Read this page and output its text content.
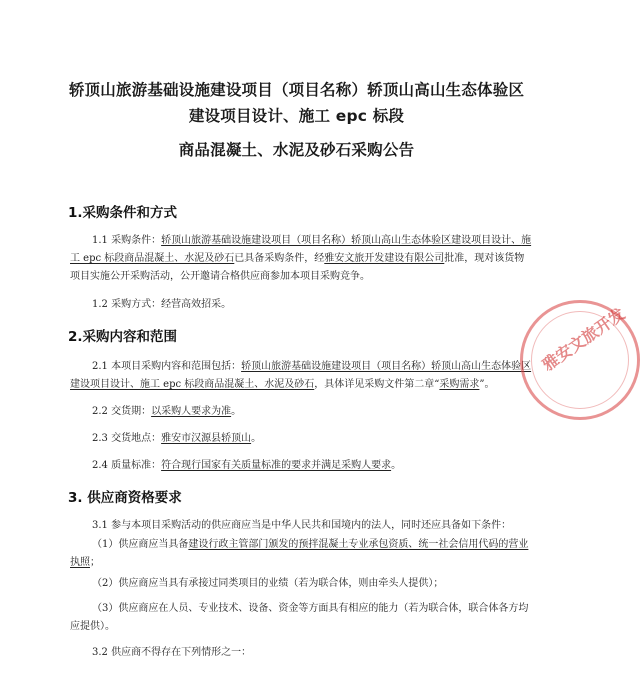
轿顶山旅游基础设施建设项目（项目名称）轿顶山高山生态体验区
建设项目设计、施工 epc 标段
商品混凝土、水泥及砂石采购公告
1.采购条件和方式
1.1 采购条件：轿顶山旅游基础设施建设项目（项目名称）轿顶山高山生态体验区建设项目设计、施工 epc 标段商品混凝土、水泥及砂石已具备采购条件，经雅安文旅开发建设有限公司批准，现对该货物项目实施公开采购活动，公开邀请合格供应商参加本项目采购竞争。
1.2 采购方式：经营高效招采。
2.采购内容和范围
2.1 本项目采购内容和范围包括：轿顶山旅游基础设施建设项目（项目名称）轿顶山高山生态体验区建设项目设计、施工 epc 标段商品混凝土、水泥及砂石，具体详见采购文件第二章“采购需求”。
2.2 交货期：以采购人要求为准。
2.3 交货地点：雅安市汉源县轿顶山。
2.4 质量标准：符合现行国家有关质量标准的要求并满足采购人要求。
3. 供应商资格要求
3.1 参与本项目采购活动的供应商应当是中华人民共和国境内的法人，同时还应具备如下条件：
（1）供应商应当具备建设行政主管部门颁发的预拌混凝土专业承包资质、统一社会信用代码的营业执照；
（2）供应商应当具有承接过同类项目的业绩（若为联合体，则由牵头人提供）；
（3）供应商应在人员、专业技术、设备、资金等方面具有相应的能力（若为联合体，联合体各方均应提供）。
3.2 供应商不得存在下列情形之一：
雅安文旅开发
